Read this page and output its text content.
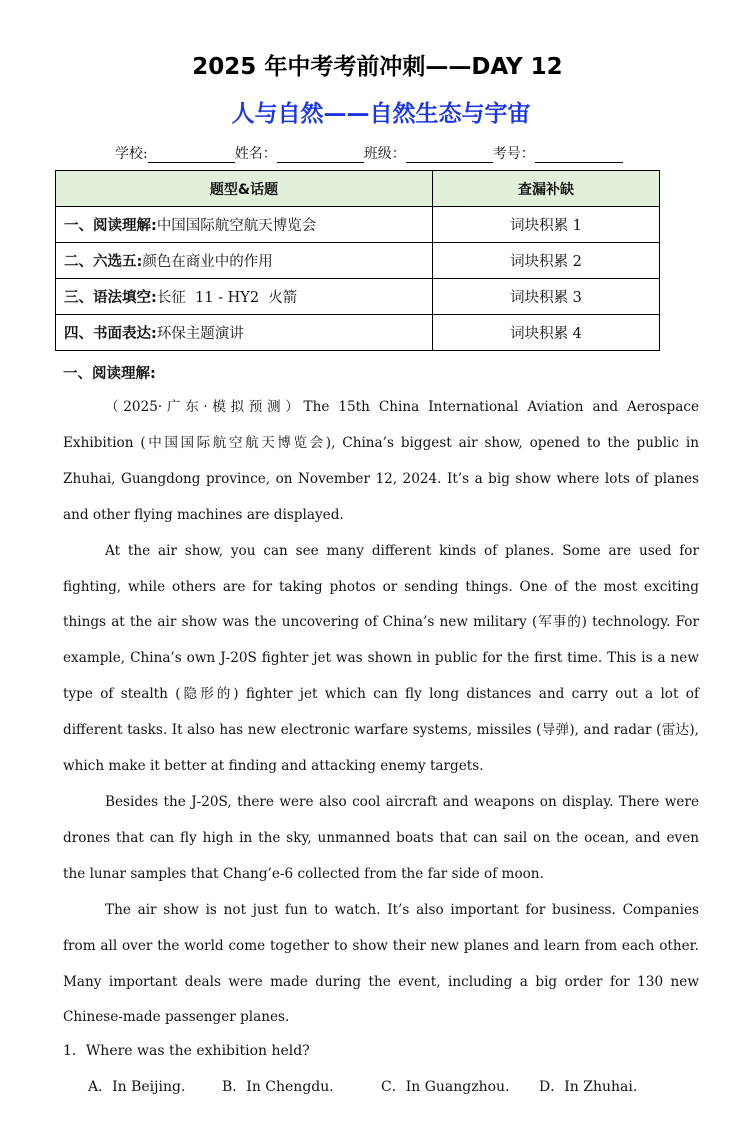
2025 年中考考前冲刺——DAY 12
人与自然——自然生态与宇宙
学校:	姓名：	班级：	考号：
题型&话题	查漏补缺
一、阅读理解:中国国际航空航天博览会	词块积累 1
二、六选五:颜色在商业中的作用	词块积累 2
三、语法填空:长征  11 - HY2  火箭	词块积累 3
四、书面表达:环保主题演讲	词块积累 4
一、阅读理解:

（2025·广东·模拟预测）The 15th China International Aviation and Aerospace Exhibition (中国国际航空航天博览会), China’s biggest air show, opened to the public in Zhuhai, Guangdong province, on November 12, 2024. It’s a big show where lots of planes and other flying machines are displayed.

At the air show, you can see many different kinds of planes. Some are used for fighting, while others are for taking photos or sending things. One of the most exciting things at the air show was the uncovering of China’s new military (军事的) technology. For example, China’s own J-20S fighter jet was shown in public for the first time. This is a new type of stealth (隐形的) fighter jet which can fly long distances and carry out a lot of different tasks. It also has new electronic warfare systems, missiles (导弹), and radar (雷达), which make it better at finding and attacking enemy targets.

Besides the J-20S, there were also cool aircraft and weapons on display. There were drones that can fly high in the sky, unmanned boats that can sail on the ocean, and even the lunar samples that Chang’e-6 collected from the far side of moon.

The air show is not just fun to watch. It’s also important for business. Companies from all over the world come together to show their new planes and learn from each other. Many important deals were made during the event, including a big order for 130 new Chinese-made passenger planes.

1．Where was the exhibition held?
A．In Beijing.	B．In Chengdu.	C．In Guangzhou. D．In Zhuhai.
